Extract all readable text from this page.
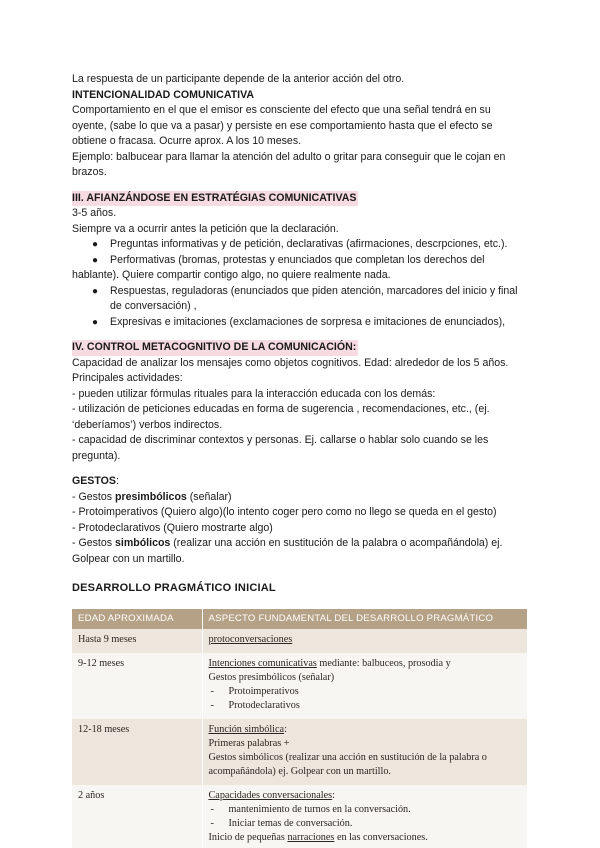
La respuesta de un participante depende de la anterior acción del otro.

INTENCIONALIDAD COMUNICATIVA

Comportamiento en el que el emisor es consciente del efecto que una señal tendrá en su oyente, (sabe lo que va a pasar) y persiste en ese comportamiento hasta que el efecto se obtiene o fracasa. Ocurre aprox. A los 10 meses.

Ejemplo: balbucear para llamar la atención del adulto o gritar para conseguir que le cojan en brazos.

III. AFIANZÁNDOSE EN ESTRATÉGIAS COMUNICATIVAS

3-5 años.

Siempre va a ocurrir antes la petición que la declaración.

● Preguntas informativas y de petición, declarativas (afirmaciones, descrpciones, etc.).
● Performativas (bromas, protestas y enunciados que completan los derechos del

hablante). Quiere compartir contigo algo, no quiere realmente nada.

● Respuestas, reguladoras (enunciados que piden atención, marcadores del inicio y final de conversación) ,
● Expresivas e imitaciones (exclamaciones de sorpresa e imitaciones de enunciados),

IV. CONTROL METACOGNITIVO DE LA COMUNICACIÓN:

Capacidad de analizar los mensajes como objetos cognitivos. Edad: alrededor de los 5 años.

Principales actividades:

- pueden utilizar fórmulas rituales para la interacción educada con los demás:

- utilización de peticiones educadas en forma de sugerencia , recomendaciones, etc., (ej. ‘deberíamos’) verbos indirectos.

- capacidad de discriminar contextos y personas. Ej. callarse o hablar solo cuando se les pregunta).

GESTOS:

- Gestos presimbólicos (señalar)

- Protoimperativos (Quiero algo)(lo intento coger pero como no llego se queda en el gesto)

- Protodeclarativos (Quiero mostrarte algo)

- Gestos simbólicos (realizar una acción en sustitución de la palabra o acompañándola) ej. Golpear con un martillo.

DESARROLLO PRAGMÁTICO INICIAL

EDAD APROXIMADA	ASPECTO FUNDAMENTAL DEL DESARROLLO PRAGMÁTICO
Hasta 9 meses	protoconversaciones
9-12 meses	Intenciones comunicativas mediante: balbuceos, prosodia y
Gestos presimbólicos (señalar)
- Protoimperativos
- Protodeclarativos

12-18 meses	Función simbólica:
Primeras palabras +
Gestos simbólicos (realizar una acción en sustitución de la palabra o acompañándola) ej. Golpear con un martillo.

2 años	Capacidades conversacionales:
- mantenimiento de turnos en la conversación.
- Iniciar temas de conversación.
Inicio de pequeñas narraciones en las conversaciones.
